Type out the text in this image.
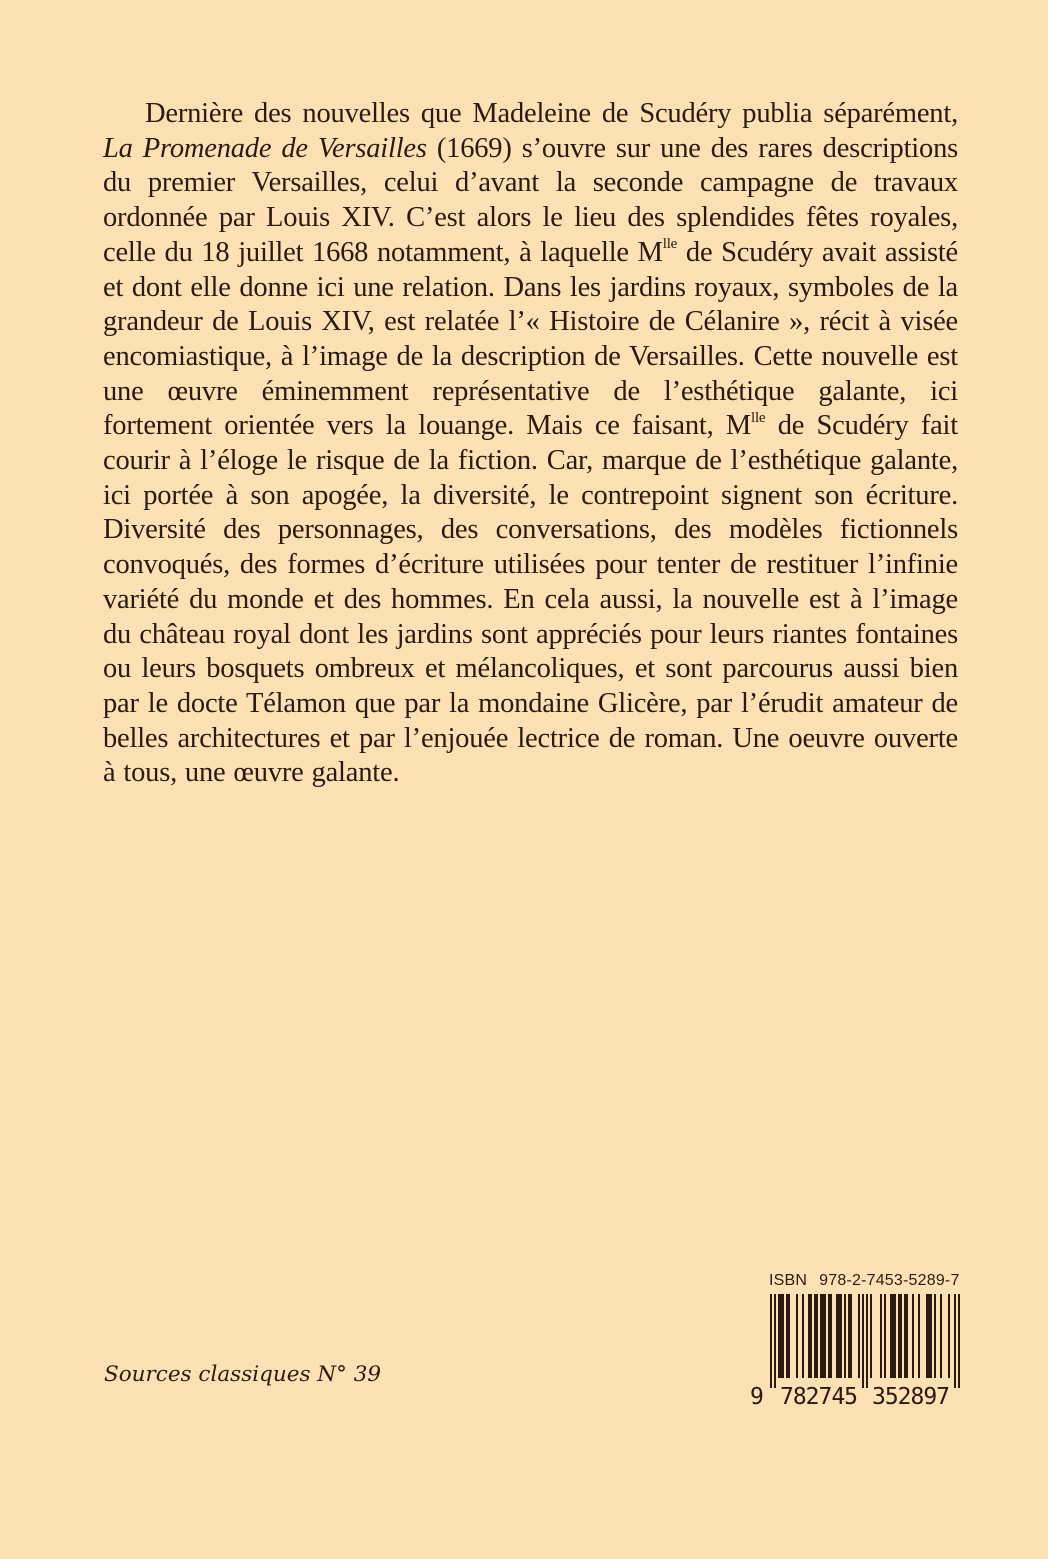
Dernière des nouvelles que Madeleine de Scudéry publia séparément, La Promenade de Versailles (1669) s’ouvre sur une des rares descriptions du premier Versailles, celui d’avant la seconde campagne de travaux ordonnée par Louis XIV. C’est alors le lieu des splendides fêtes royales, celle du 18 juillet 1668 notamment, à laquelle $M^{lle}$ de Scudéry avait assisté et dont elle donne ici une relation. Dans les jardins royaux, symboles de la grandeur de Louis XIV, est relatée l’« Histoire de Célanire », récit à visée encomiastique, à l’image de la description de Versailles. Cette nouvelle est une œuvre éminemment représentative de l’esthétique galante, ici fortement orientée vers la louange. Mais ce faisant, $M^{lle}$ de Scudéry fait courir à l’éloge le risque de la fiction. Car, marque de l’esthétique galante, ici portée à son apogée, la diversité, le contrepoint signent son écriture. Diversité des personnages, des conversations, des modèles fictionnels convoqués, des formes d’écriture utilisées pour tenter de restituer l’infinie variété du monde et des hommes. En cela aussi, la nouvelle est à l’image du château royal dont les jardins sont appréciés pour leurs riantes fontaines ou leurs bosquets ombreux et mélancoliques, et sont parcourus aussi bien par le docte Télamon que par la mondaine Glicère, par l’érudit amateur de belles architectures et par l’enjouée lectrice de roman. Une oeuvre ouverte à tous, une œuvre galante.

Sources classiques N° 39
ISBN 978-2-7453-5289-7
9 782745 352897
